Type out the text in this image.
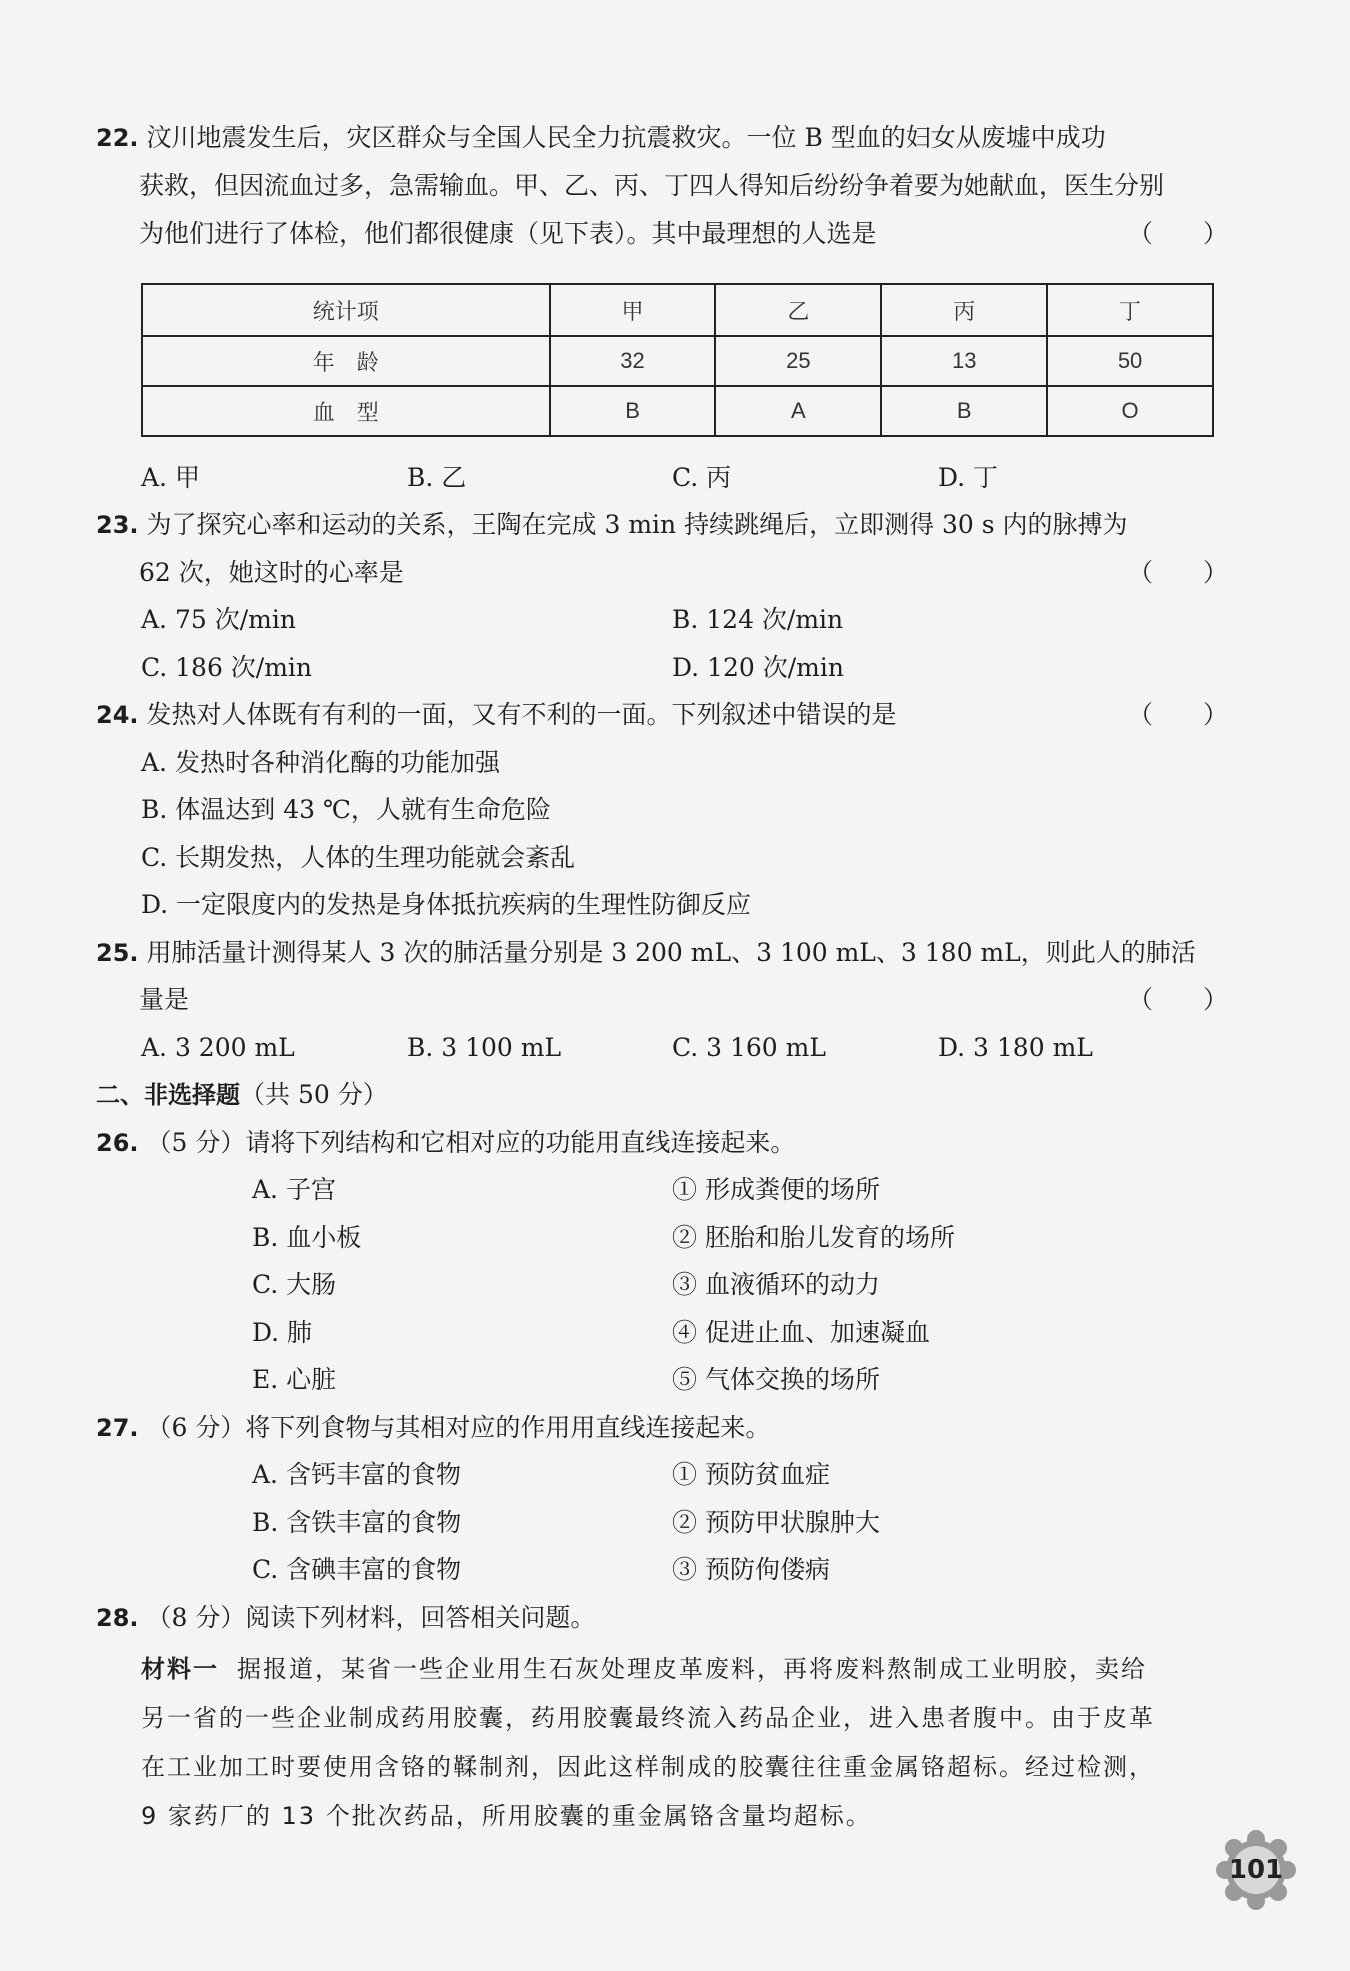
22. 汶川地震发生后，灾区群众与全国人民全力抗震救灾。一位 B 型血的妇女从废墟中成功
获救，但因流血过多，急需输血。甲、乙、丙、丁四人得知后纷纷争着要为她献血，医生分别
为他们进行了体检，他们都很健康（见下表）。其中最理想的人选是	（　　）
统计项	甲	乙	丙	丁
年　龄	32	25	13	50
血　型	B	A	B	O
A. 甲	B. 乙	C. 丙	D. 丁
23. 为了探究心率和运动的关系，王陶在完成 3 min 持续跳绳后，立即测得 30 s 内的脉搏为
62 次，她这时的心率是	（　　）
A. 75 次/min	B. 124 次/min
C. 186 次/min	D. 120 次/min
24. 发热对人体既有有利的一面，又有不利的一面。下列叙述中错误的是	（　　）
A. 发热时各种消化酶的功能加强
B. 体温达到 43 ℃，人就有生命危险
C. 长期发热，人体的生理功能就会紊乱
D. 一定限度内的发热是身体抵抗疾病的生理性防御反应
25. 用肺活量计测得某人 3 次的肺活量分别是 3 200 mL、3 100 mL、3 180 mL，则此人的肺活
量是	（　　）
A. 3 200 mL	B. 3 100 mL	C. 3 160 mL	D. 3 180 mL
二、非选择题（共 50 分）
26. （5 分）请将下列结构和它相对应的功能用直线连接起来。
A. 子宫
B. 血小板
C. 大肠
D. 肺
E. 心脏
① 形成粪便的场所
② 胚胎和胎儿发育的场所
③ 血液循环的动力
④ 促进止血、加速凝血
⑤ 气体交换的场所
27. （6 分）将下列食物与其相对应的作用用直线连接起来。
A. 含钙丰富的食物
B. 含铁丰富的食物
C. 含碘丰富的食物
① 预防贫血症
② 预防甲状腺肿大
③ 预防佝偻病
28. （8 分）阅读下列材料，回答相关问题。
材料一 据报道，某省一些企业用生石灰处理皮革废料，再将废料熬制成工业明胶，卖给
另一省的一些企业制成药用胶囊，药用胶囊最终流入药品企业，进入患者腹中。由于皮革
在工业加工时要使用含铬的鞣制剂，因此这样制成的胶囊往往重金属铬超标。经过检测，
9 家药厂的 13 个批次药品，所用胶囊的重金属铬含量均超标。
101
